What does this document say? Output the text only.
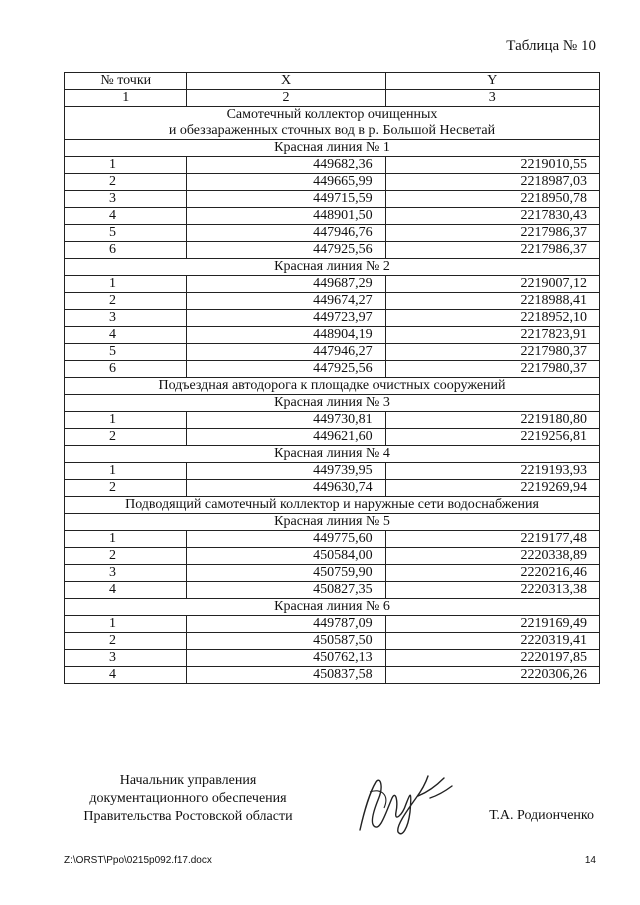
Таблица № 10
№ точки	X	Y
1	2	3

Самотечный коллектор очищенных
и обеззараженных сточных вод в р. Большой Несветай		

Красная линия № 1		
1	449682,36	2219010,55
2	449665,99	2218987,03
3	449715,59	2218950,78
4	448901,50	2217830,43
5	447946,76	2217986,37
6	447925,56	2217986,37
Красная линия № 2		
1	449687,29	2219007,12
2	449674,27	2218988,41
3	449723,97	2218952,10
4	448904,19	2217823,91
5	447946,27	2217980,37
6	447925,56	2217980,37

Подъездная автодорога к площадке очистных сооружений		

Красная линия № 3		
1	449730,81	2219180,80
2	449621,60	2219256,81
Красная линия № 4		
1	449739,95	2219193,93
2	449630,74	2219269,94

Подводящий самотечный коллектор и наружные сети водоснабжения		

Красная линия № 5		
1	449775,60	2219177,48
2	450584,00	2220338,89
3	450759,90	2220216,46
4	450827,35	2220313,38
Красная линия № 6		
1	449787,09	2219169,49
2	450587,50	2220319,41
3	450762,13	2220197,85
4	450837,58	2220306,26
Начальник управления
документационного обеспечения
Правительства Ростовской области	Т.А. Родионченко
Z:\ORST\Ppo\0215p092.f17.docx	14
